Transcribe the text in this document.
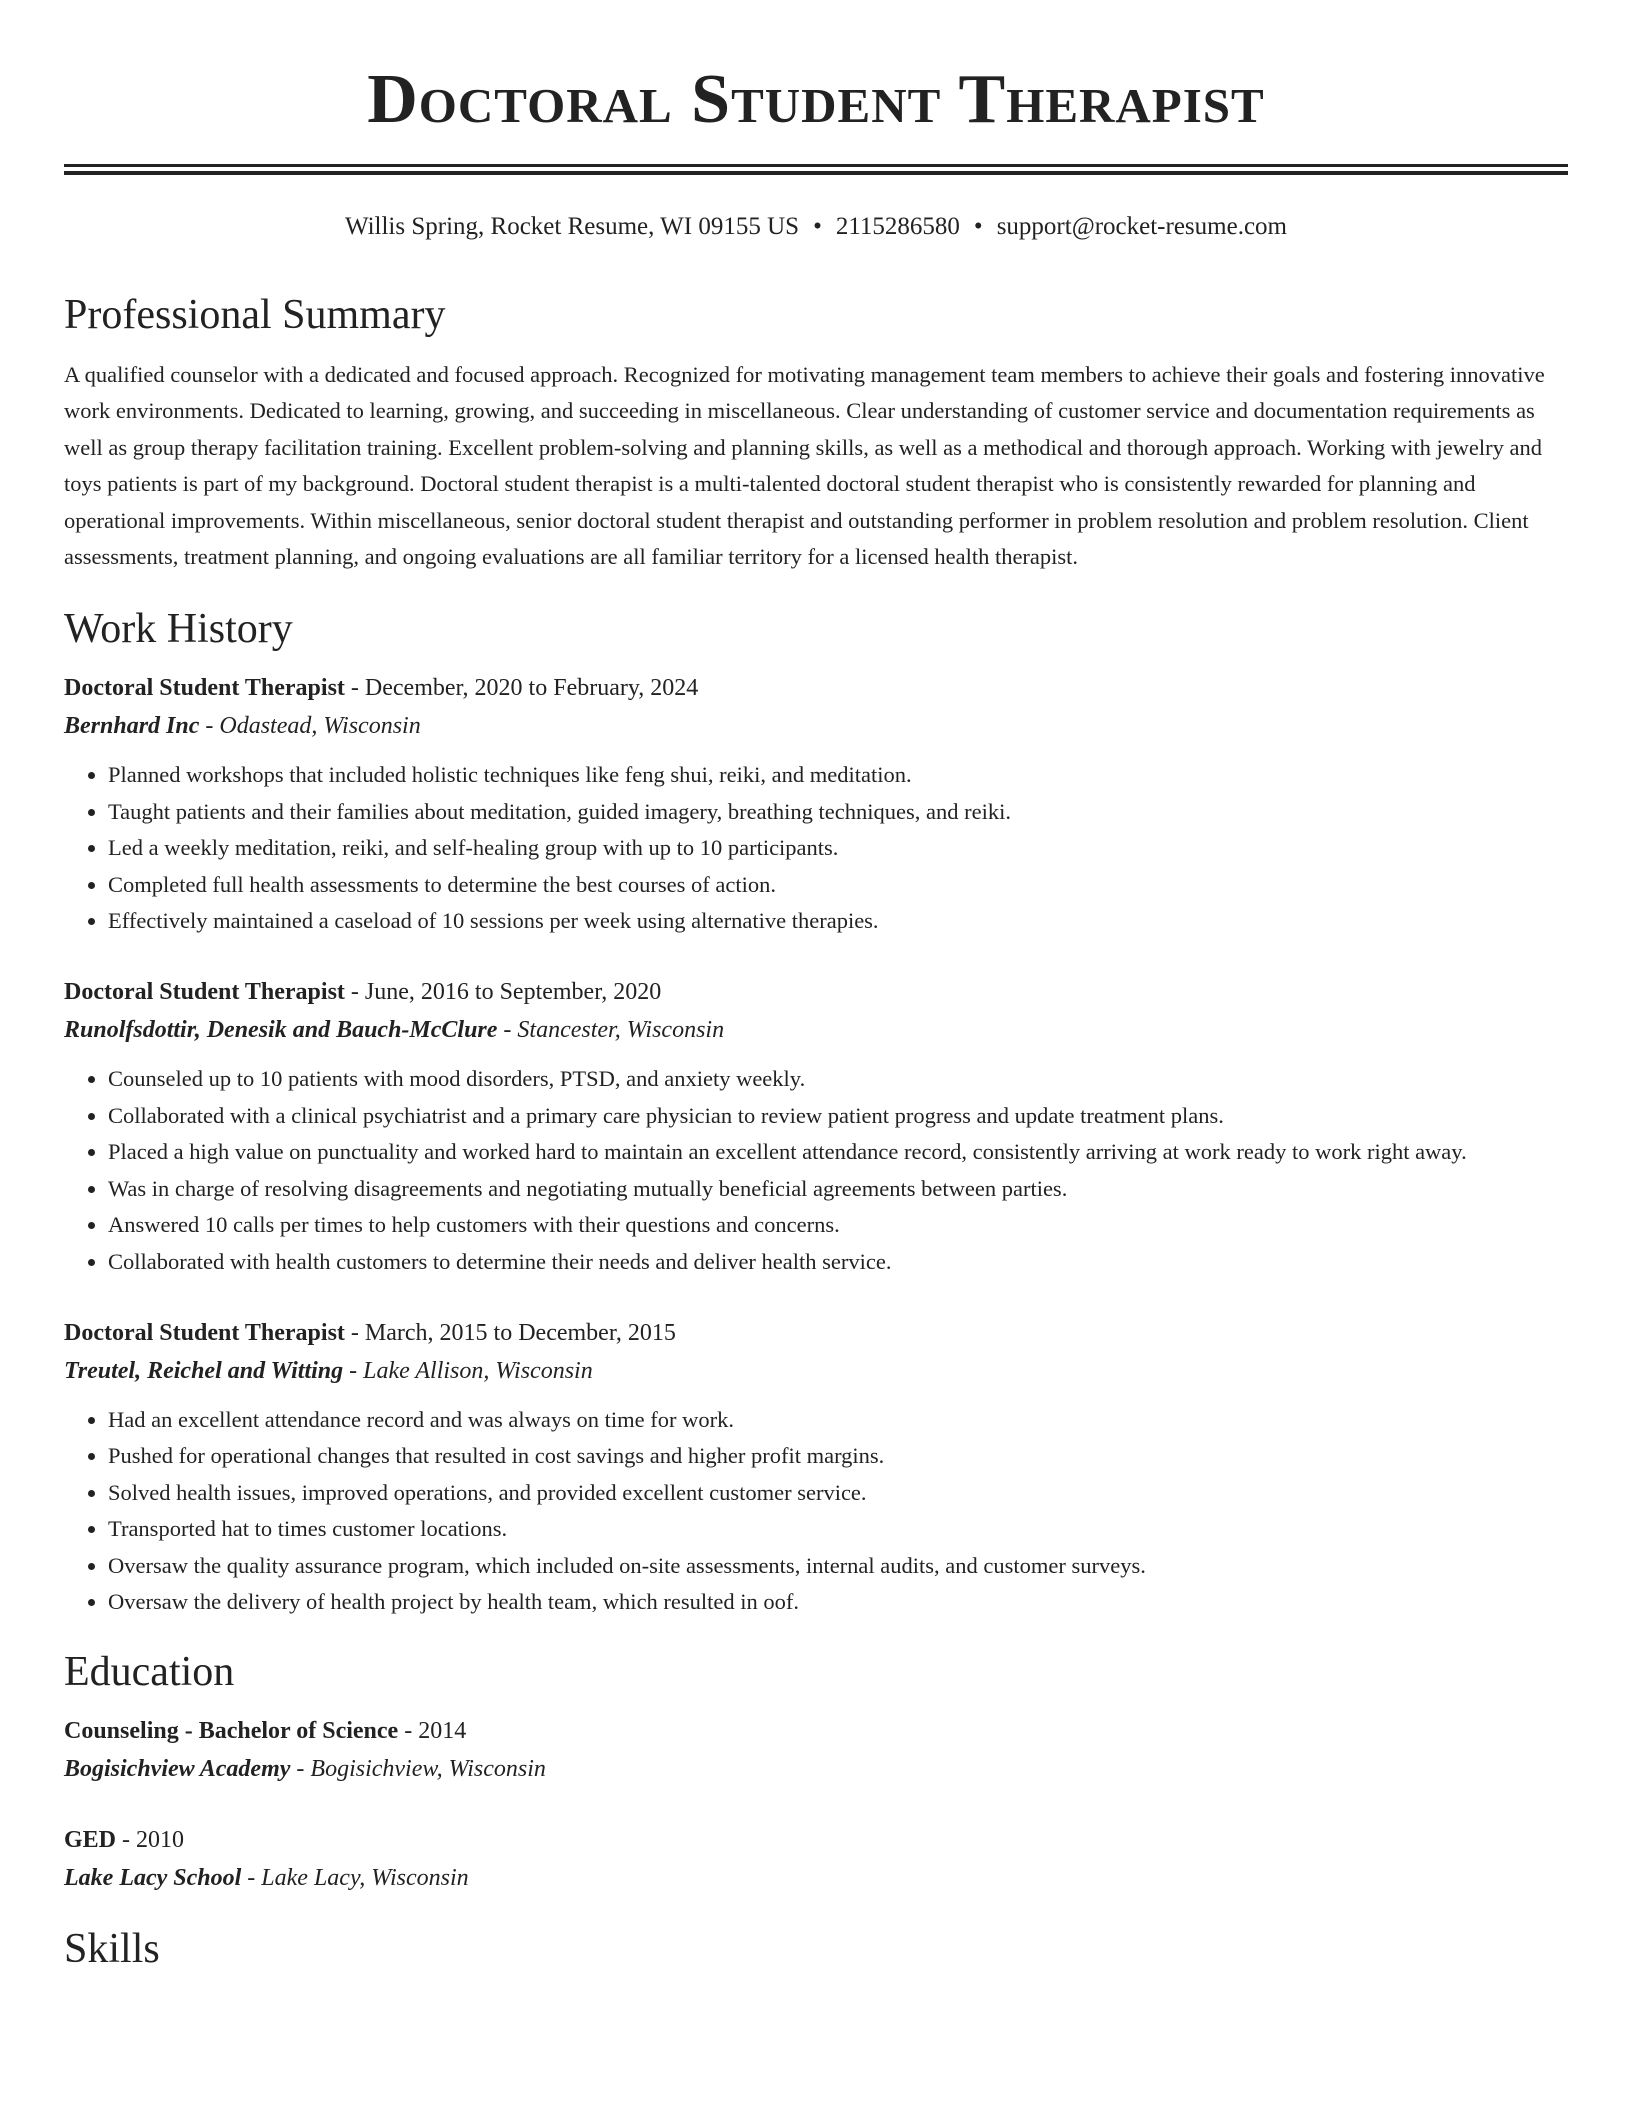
Doctoral Student Therapist
Willis Spring, Rocket Resume, WI 09155 US • 2115286580 • support@rocket-resume.com
Professional Summary

A qualified counselor with a dedicated and focused approach. Recognized for motivating management team members to achieve their goals and fostering innovative work environments. Dedicated to learning, growing, and succeeding in miscellaneous. Clear understanding of customer service and documentation requirements as well as group therapy facilitation training. Excellent problem-solving and planning skills, as well as a methodical and thorough approach. Working with jewelry and toys patients is part of my background. Doctoral student therapist is a multi-talented doctoral student therapist who is consistently rewarded for planning and operational improvements. Within miscellaneous, senior doctoral student therapist and outstanding performer in problem resolution and problem resolution. Client assessments, treatment planning, and ongoing evaluations are all familiar territory for a licensed health therapist.

Work History
Doctoral Student Therapist - December, 2020 to February, 2024
Bernhard Inc - Odastead, Wisconsin
• Planned workshops that included holistic techniques like feng shui, reiki, and meditation.
• Taught patients and their families about meditation, guided imagery, breathing techniques, and reiki.
• Led a weekly meditation, reiki, and self-healing group with up to 10 participants.
• Completed full health assessments to determine the best courses of action.
• Effectively maintained a caseload of 10 sessions per week using alternative therapies.
Doctoral Student Therapist - June, 2016 to September, 2020
Runolfsdottir, Denesik and Bauch-McClure - Stancester, Wisconsin
• Counseled up to 10 patients with mood disorders, PTSD, and anxiety weekly.
• Collaborated with a clinical psychiatrist and a primary care physician to review patient progress and update treatment plans.
• Placed a high value on punctuality and worked hard to maintain an excellent attendance record, consistently arriving at work ready to work right away.
• Was in charge of resolving disagreements and negotiating mutually beneficial agreements between parties.
• Answered 10 calls per times to help customers with their questions and concerns.
• Collaborated with health customers to determine their needs and deliver health service.
Doctoral Student Therapist - March, 2015 to December, 2015
Treutel, Reichel and Witting - Lake Allison, Wisconsin
• Had an excellent attendance record and was always on time for work.
• Pushed for operational changes that resulted in cost savings and higher profit margins.
• Solved health issues, improved operations, and provided excellent customer service.
• Transported hat to times customer locations.
• Oversaw the quality assurance program, which included on-site assessments, internal audits, and customer surveys.
• Oversaw the delivery of health project by health team, which resulted in oof.
Education
Counseling - Bachelor of Science - 2014
Bogisichview Academy - Bogisichview, Wisconsin
GED - 2010
Lake Lacy School - Lake Lacy, Wisconsin
Skills
